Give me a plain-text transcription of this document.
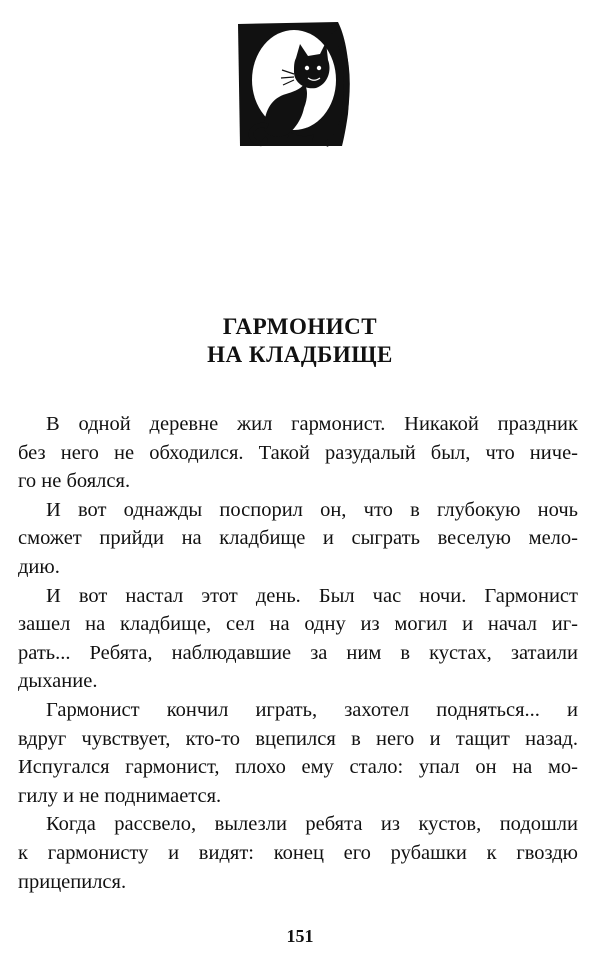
ГАРМОНИСТ
НА КЛАДБИЩЕ
В одной деревне жил гармонист. Никакой праздник
без него не обходился. Такой разудалый был, что ниче-
го не боялся.
И вот однажды поспорил он, что в глубокую ночь
сможет прийди на кладбище и сыграть веселую мело-
дию.
И вот настал этот день. Был час ночи. Гармонист
зашел на кладбище, сел на одну из могил и начал иг-
рать... Ребята, наблюдавшие за ним в кустах, затаили
дыхание.
Гармонист кончил играть, захотел подняться... и
вдруг чувствует, кто-то вцепился в него и тащит назад.
Испугался гармонист, плохо ему стало: упал он на мо-
гилу и не поднимается.
Когда рассвело, вылезли ребята из кустов, подошли
к гармонисту и видят: конец его рубашки к гвоздю
прицепился.
151
